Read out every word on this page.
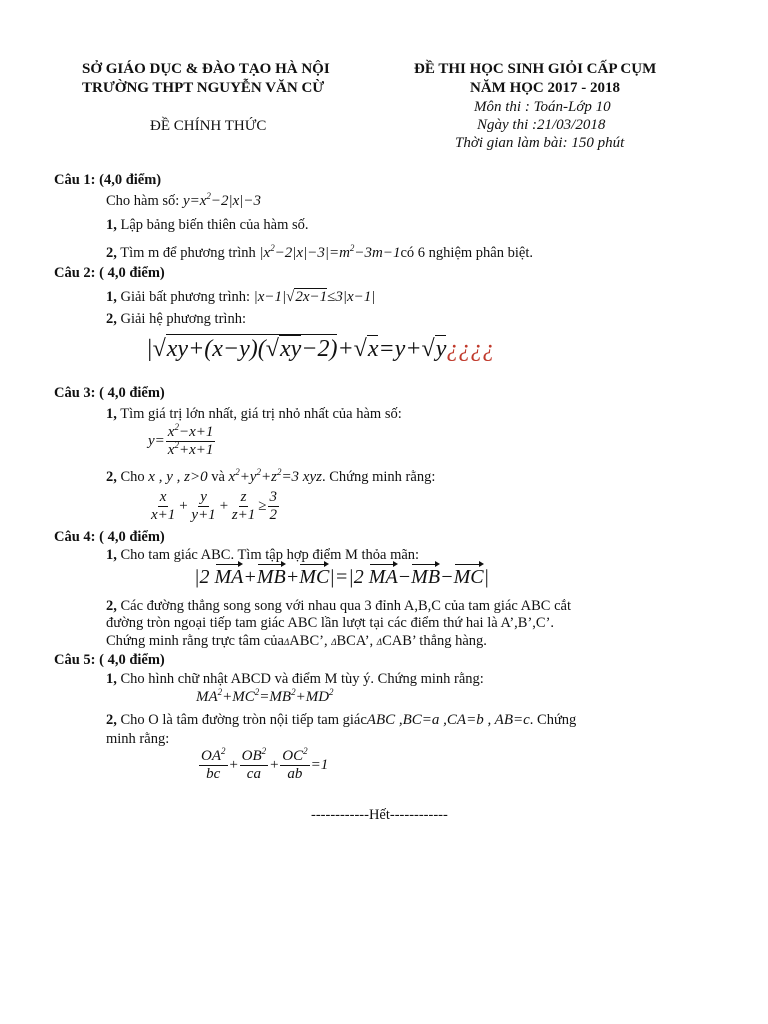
SỞ GIÁO DỤC & ĐÀO TẠO HÀ NỘI
TRƯỜNG THPT NGUYỄN VĂN CỪ
ĐỀ CHÍNH THỨC
ĐỀ THI HỌC SINH GIỎI CẤP CỤM
NĂM HỌC 2017 - 2018
Môn thi : Toán-Lớp 10
Ngày thi :21/03/2018
Thời gian làm bài: 150 phút
Câu 1: (4,0 điểm)
Cho hàm số: $y=x^2-2|x|-3$
1, Lập bảng biến thiên của hàm số.
2, Tìm m để phương trình $|x^2-2|x|-3|=m^2-3m-1có$ 6 nghiệm phân biệt.
Câu 2: ( 4,0 điểm)
1, Giải bất phương trình: |x−1|√2x−1≤3|x−1|
2, Giải hệ phương trình:
|√xy+(x−y)(√xy−2)+√x=y+√y¿¿¿¿
Câu 3: ( 4,0 điểm)
1, Tìm giá trị lớn nhất, giá trị nhỏ nhất của hàm số:
$y= \frac{x^2-x+1}{x^2+x+1}$
2, Cho x , y , z>0 và $x^2+y^2+z^2=3$ xyz. Chứng minh rằng:
$\frac{x}{x+1} + \frac{y}{y+1} + \frac{z}{z+1} \ge \frac{3}{2}$
Câu 4: ( 4,0 điểm)
1, Cho tam giác ABC. Tìm tập hợp điểm M thỏa mãn:
|2 MA+MB+MC|=|2 MA−MB−MC|
2, Các đường thẳng song song với nhau qua 3 đỉnh A,B,C của tam giác ABC cắt
đường tròn ngoại tiếp tam giác ABC lần lượt tại các điểm thứ hai là A’,B’,C’.
Chứng minh rằng trực tâm củaΔABC’, ΔBCA’, ΔCAB’ thẳng hàng.
Câu 5: ( 4,0 điểm)
1, Cho hình chữ nhật ABCD và điểm M tùy ý. Chứng minh rằng:
$MA^2+MC^2=MB^2+MD^2$
2, Cho O là tâm đường tròn nội tiếp tam giácABC ,BC=a ,CA=b , AB=c. Chứng
minh rằng:
$\frac{OA^2}{bc} + \frac{OB^2}{ca} + \frac{OC^2}{ab} =1$
------------Hết------------
